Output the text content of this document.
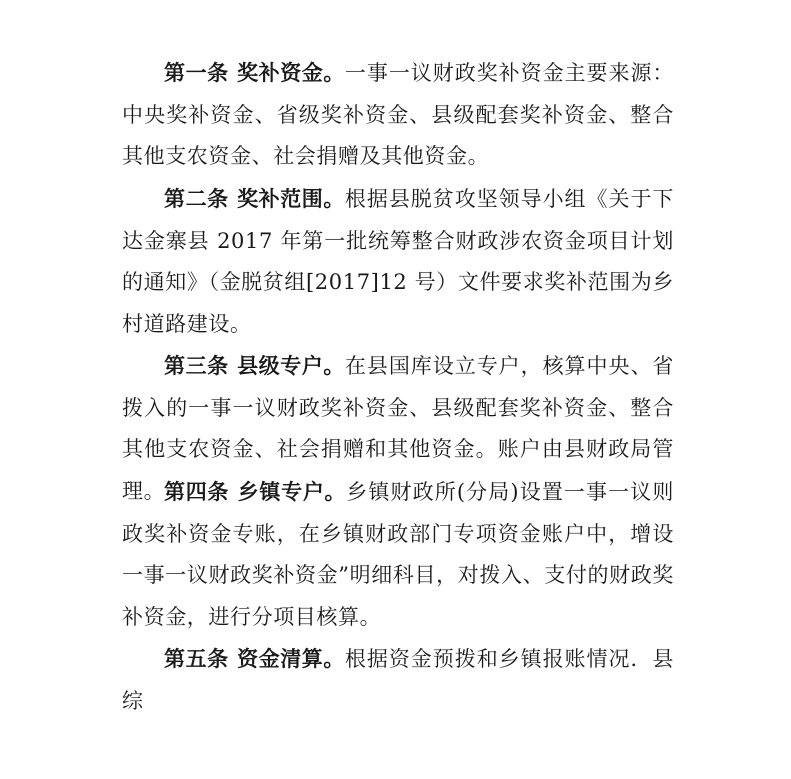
第一条 奖补资金。一事一议财政奖补资金主要来源：中央奖补资金、省级奖补资金、县级配套奖补资金、整合其他支农资金、社会捐赠及其他资金。

第二条 奖补范围。根据县脱贫攻坚领导小组《关于下达金寨县 2017 年第一批统筹整合财政涉农资金项目计划的通知》（金脱贫组[2017]12 号）文件要求奖补范围为乡村道路建设。

第三条 县级专户。在县国库设立专户，核算中央、省拨入的一事一议财政奖补资金、县级配套奖补资金、整合其他支农资金、社会捐赠和其他资金。账户由县财政局管理。

第四条 乡镇专户。乡镇财政所(分局)设置一事一议则政奖补资金专账，在乡镇财政部门专项资金账户中，增设一事一议财政奖补资金”明细科目，对拨入、支付的财政奖补资金，进行分项目核算。

第五条 资金清算。根据资金预拨和乡镇报账情况．县综
